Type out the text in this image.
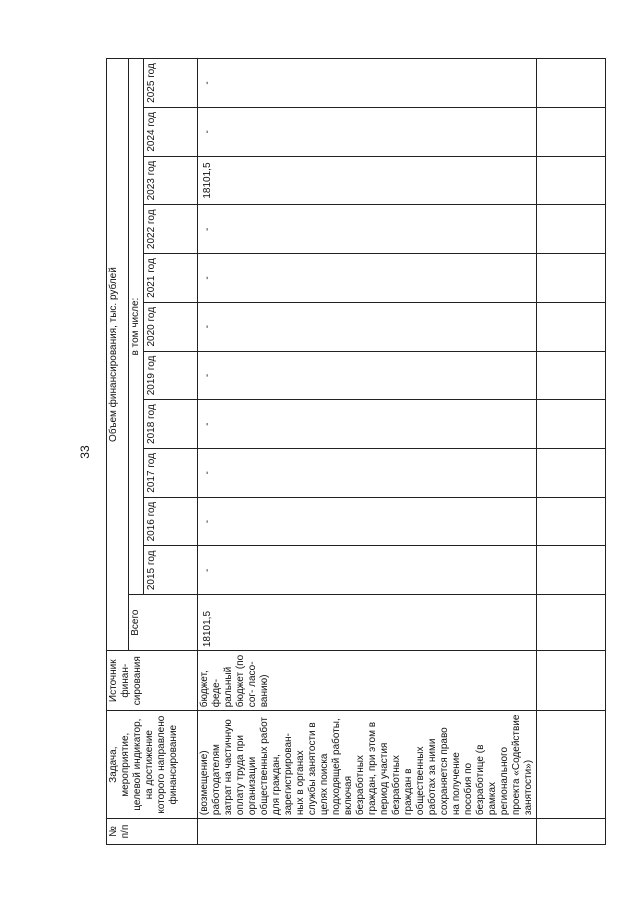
33
№ п/п	Задача, мероприятие, целевой индикатор, на достижение которого направлено финансирование	Источник финан- сирования	Объем финансирования, тыс. рублей											
			Всего	в том числе:										
				2015 год	2016 год	2017 год	2018 год	2019 год	2020 год	2021 год	2022 год	2023 год	2024 год	2025 год
	(возмещение) работодателям затрат на частичную оплату труда при организации общественных работ для граждан, зарегистрирован- ных в органах службы занятости в целях поиска подходящей работы, включая безработных граждан, при этом в период участия безработных граждан в общественных работах за ними сохраняется право на получение пособия по безработице (в рамках регионального проекта «Содействие занятости»)	бюджет, феде- ральный бюджет (по сог- ласо- ванию)	18101,5	-	-	-	-	-	-	-	-	18101,5	-	-
